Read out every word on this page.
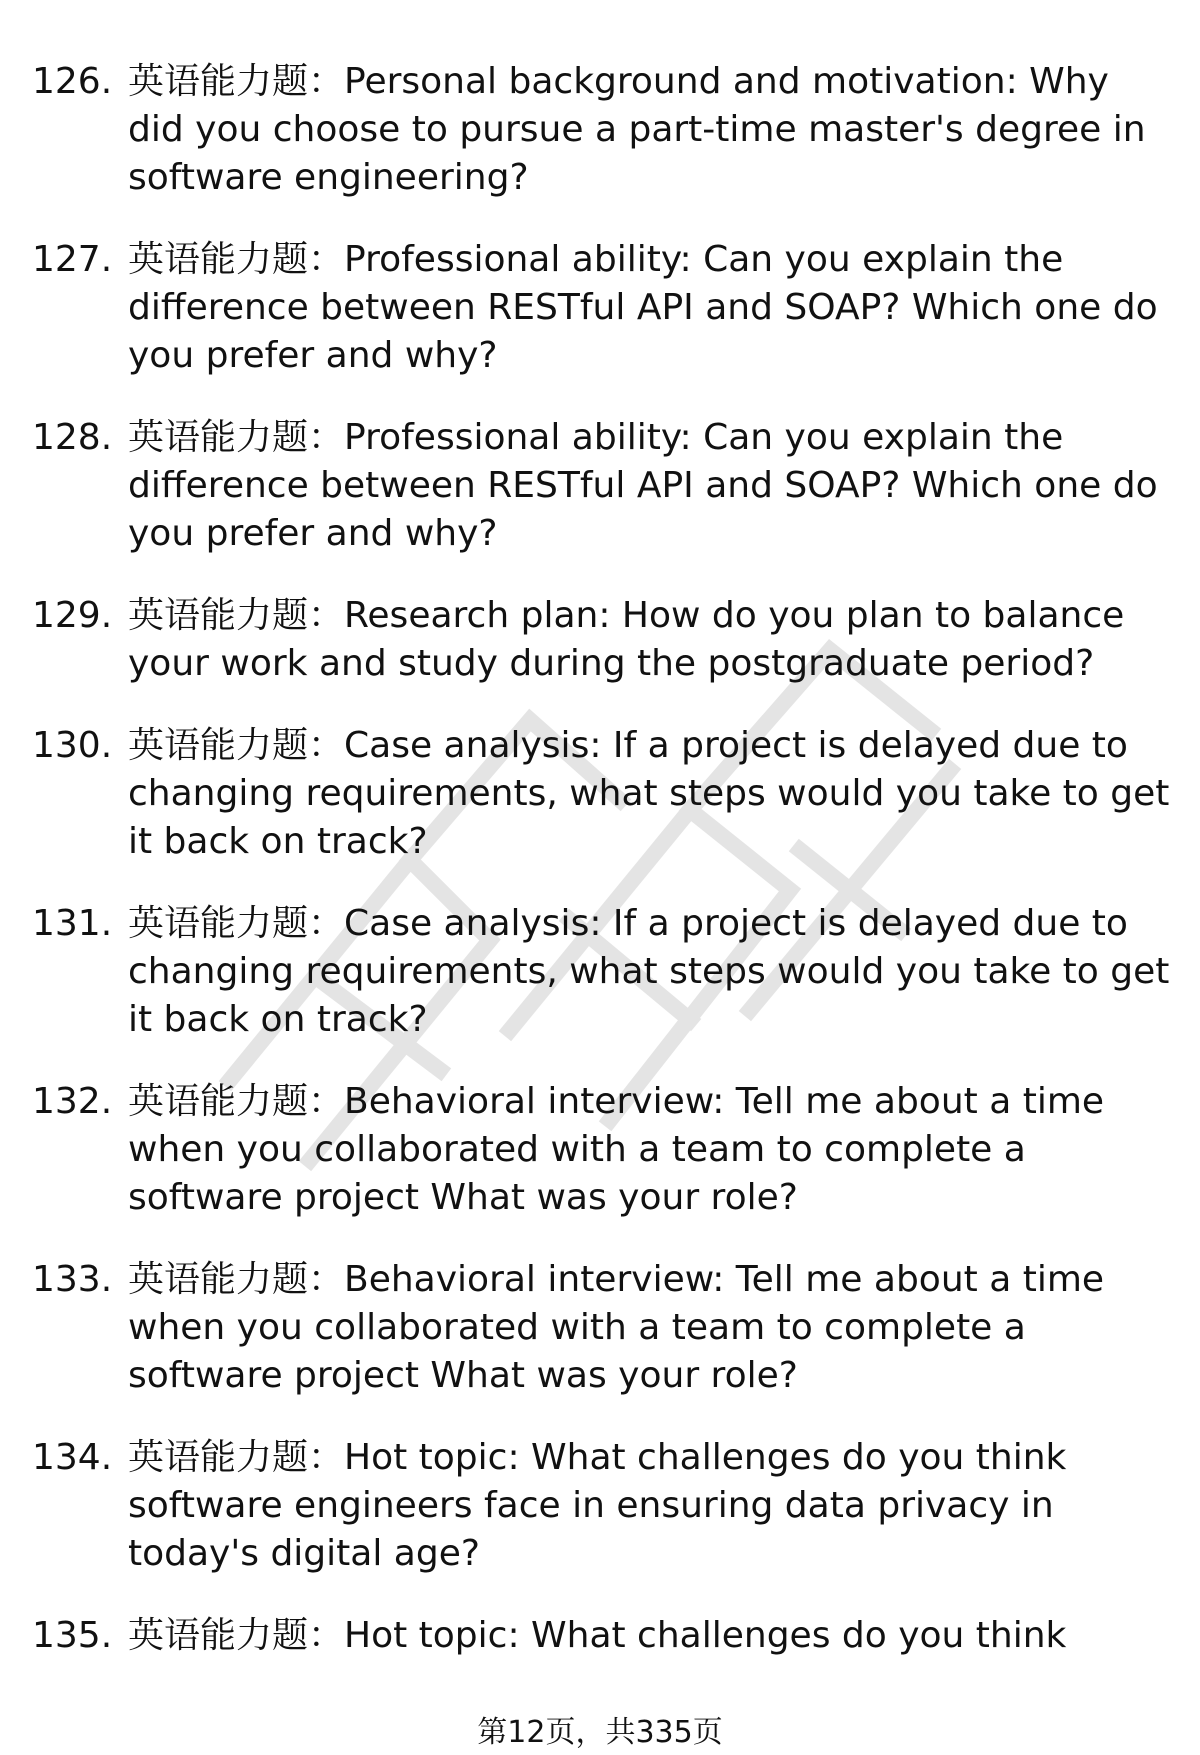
126. 英语能力题：Personal background and motivation: Why did you choose to pursue a part-time master's degree in software engineering?
127. 英语能力题：Professional ability: Can you explain the difference between RESTful API and SOAP? Which one do you prefer and why?
128. 英语能力题：Professional ability: Can you explain the difference between RESTful API and SOAP? Which one do you prefer and why?
129. 英语能力题：Research plan: How do you plan to balance your work and study during the postgraduate period?
130. 英语能力题：Case analysis: If a project is delayed due to changing requirements, what steps would you take to get it back on track?
131. 英语能力题：Case analysis: If a project is delayed due to changing requirements, what steps would you take to get it back on track?
132. 英语能力题：Behavioral interview: Tell me about a time when you collaborated with a team to complete a software project What was your role?
133. 英语能力题：Behavioral interview: Tell me about a time when you collaborated with a team to complete a software project What was your role?
134. 英语能力题：Hot topic: What challenges do you think software engineers face in ensuring data privacy in today's digital age?
135. 英语能力题：Hot topic: What challenges do you think
第12页，共335页
